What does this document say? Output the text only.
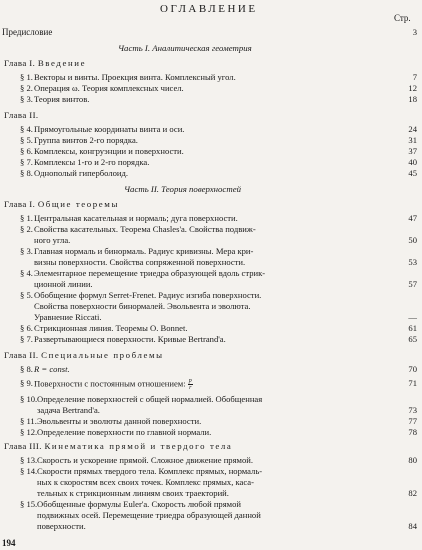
ОГЛАВЛЕНИЕ
Стр.
Предисловие	3
Часть I. Аналитическая геометрия
Глава I. Введение
§ 1. Векторы и винты. Проекция винта. Комплексный угол.	7
§ 2. Операция ω. Теория комплексных чисел.	12
§ 3. Теория винтов.	18
Глава II.
§ 4. Прямоугольные координаты винта и оси.	24
§ 5. Группа винтов 2-го порядка.	31
§ 6. Комплексы, конгруэнции и поверхности.	37
§ 7. Комплексы 1-го и 2-го порядка.	40
§ 8. Однополый гиперболоид.	45
Часть II. Теория поверхностей
Глава I. Общие теоремы
§ 1. Центральная касательная и нормаль; дуга поверхности.	47
§ 2. Свойства касательных. Теорема Chasles'a. Свойства подвиж-
ного угла.	50
§ 3. Главная нормаль и бинормаль. Радиус кривизны. Мера кри-
визны поверхности. Свойства сопряженной поверхности.	53
§ 4. Элементарное перемещение триедра образующей вдоль стрик-
ционной линии.	57
§ 5. Обобщение формул Serret-Frenet. Радиус изгиба поверхности.
Свойства поверхности бинормалей. Эвольвента и эволюта.
Уравнение Riccati.	—
§ 6. Стрикционная линия. Теоремы O. Bonnet.	61
§ 7. Развертывающиеся поверхности. Кривые Bertrand'a.	65
Глава II. Специальные проблемы
§ 8. R = const.	70
§ 9. Поверхности с постоянным отношением: $\frac{p}{r}$	71
§ 10. Определение поверхностей с общей нормалией. Обобщенная
задача Bertrand'a.	73
§ 11. Эвольвенты и эволюты данной поверхности.	77
§ 12. Определение поверхности по главной нормали.	78
Глава III. Кинематика прямой и твердого тела
§ 13. Скорость и ускорение прямой. Сложное движение прямой.	80
§ 14. Скорости прямых твердого тела. Комплекс прямых, нормаль-
ных к скоростям всех своих точек. Комплекс прямых, каса-
тельных к стрикционным линиям своих траекторий.	82
§ 15. Обобщенные формулы Euler'a. Скорость любой прямой
подвижных осей. Перемещение триедра образующей данной
поверхности.	84
194
